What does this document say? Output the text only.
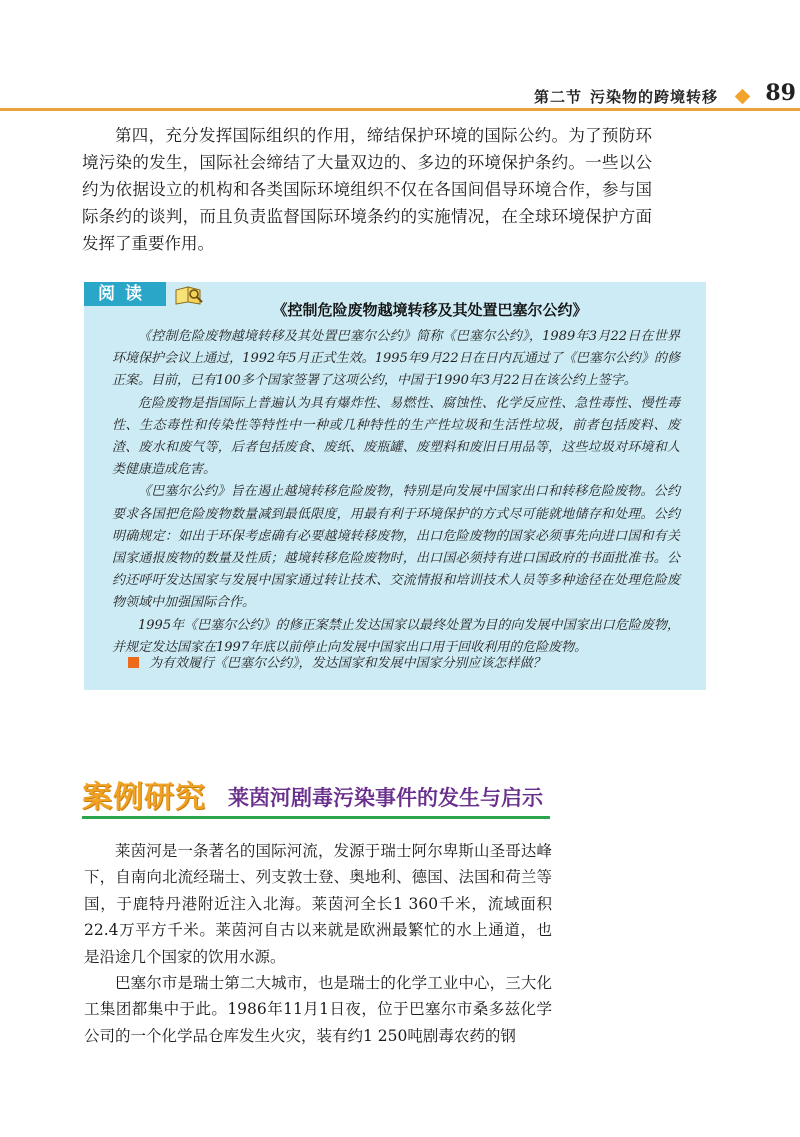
第二节 污染物的跨境转移 89

第四，充分发挥国际组织的作用，缔结保护环境的国际公约。为了预防环境污染的发生，国际社会缔结了大量双边的、多边的环境保护条约。一些以公约为依据设立的机构和各类国际环境组织不仅在各国间倡导环境合作，参与国际条约的谈判，而且负责监督国际环境条约的实施情况，在全球环境保护方面发挥了重要作用。

阅读
《控制危险废物越境转移及其处置巴塞尔公约》

《控制危险废物越境转移及其处置巴塞尔公约》简称《巴塞尔公约》，1989年3月22日在世界环境保护会议上通过，1992年5月正式生效。1995年9月22日在日内瓦通过了《巴塞尔公约》的修正案。目前，已有100多个国家签署了这项公约，中国于1990年3月22日在该公约上签字。

危险废物是指国际上普遍认为具有爆炸性、易燃性、腐蚀性、化学反应性、急性毒性、慢性毒性、生态毒性和传染性等特性中一种或几种特性的生产性垃圾和生活性垃圾，前者包括废料、废渣、废水和废气等，后者包括废食、废纸、废瓶罐、废塑料和废旧日用品等，这些垃圾对环境和人类健康造成危害。

《巴塞尔公约》旨在遏止越境转移危险废物，特别是向发展中国家出口和转移危险废物。公约要求各国把危险废物数量减到最低限度，用最有利于环境保护的方式尽可能就地储存和处理。公约明确规定：如出于环保考虑确有必要越境转移废物，出口危险废物的国家必须事先向进口国和有关国家通报废物的数量及性质；越境转移危险废物时，出口国必须持有进口国政府的书面批准书。公约还呼吁发达国家与发展中国家通过转让技术、交流情报和培训技术人员等多种途径在处理危险废物领域中加强国际合作。

1995年《巴塞尔公约》的修正案禁止发达国家以最终处置为目的向发展中国家出口危险废物，并规定发达国家在1997年底以前停止向发展中国家出口用于回收利用的危险废物。

为有效履行《巴塞尔公约》，发达国家和发展中国家分别应该怎样做？
案例研究 莱茵河剧毒污染事件的发生与启示

莱茵河是一条著名的国际河流，发源于瑞士阿尔卑斯山圣哥达峰下，自南向北流经瑞士、列支敦士登、奥地利、德国、法国和荷兰等国，于鹿特丹港附近注入北海。莱茵河全长1 360千米，流域面积22.4万平方千米。莱茵河自古以来就是欧洲最繁忙的水上通道，也是沿途几个国家的饮用水源。

巴塞尔市是瑞士第二大城市，也是瑞士的化学工业中心，三大化工集团都集中于此。1986年11月1日夜，位于巴塞尔市桑多兹化学公司的一个化学品仓库发生火灾，装有约1 250吨剧毒农药的钢
